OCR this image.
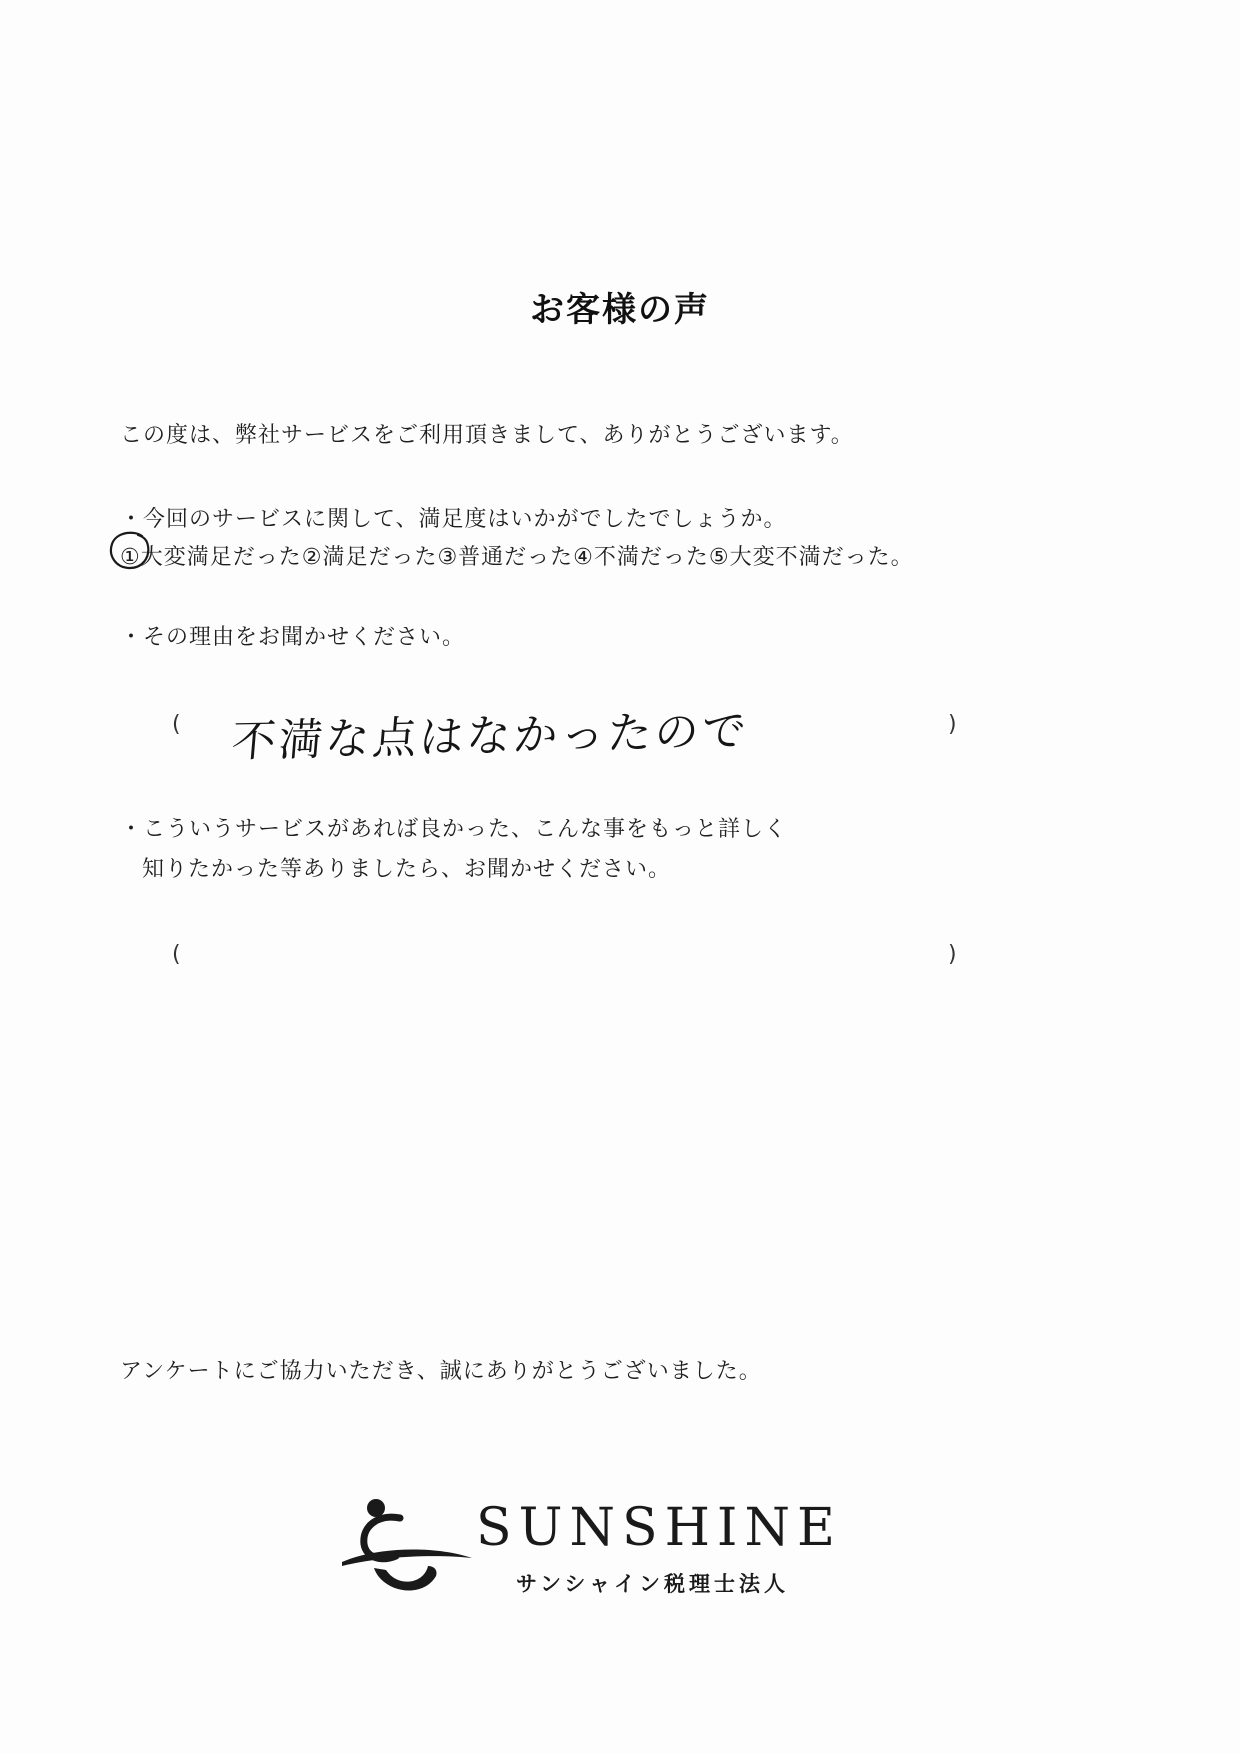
お客様の声
この度は、弊社サービスをご利用頂きまして、ありがとうございます。
・今回のサービスに関して、満足度はいかがでしたでしょうか。
①大変満足だった②満足だった③普通だった④不満だった⑤大変不満だった。
・その理由をお聞かせください。
( 不満な点はなかったので	)
・こういうサービスがあれば良かった、こんな事をもっと詳しく
知りたかった等ありましたら、お聞かせください。
(	)
アンケートにご協力いただき、誠にありがとうございました。
SUNSHINE
サンシャイン税理士法人
